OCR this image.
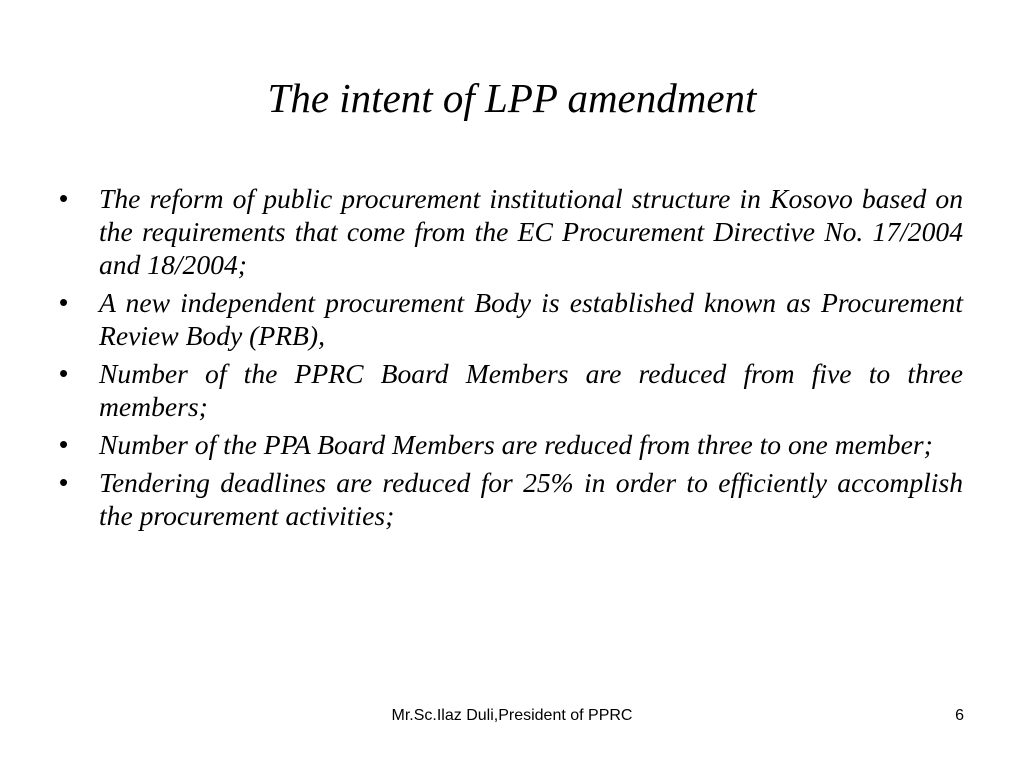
The intent of LPP amendment
• The reform of public procurement institutional structure in Kosovo based on the requirements that come from the EC Procurement Directive No. 17/2004 and 18/2004;
• A new independent procurement Body is established known as Procurement Review Body (PRB),
• Number of the PPRC Board Members are reduced from five to three members;
• Number of the PPA Board Members are reduced from three to one member;
• Tendering deadlines are reduced for 25% in order to efficiently accomplish the procurement activities;
Mr.Sc.Ilaz Duli,President of PPRC	6
